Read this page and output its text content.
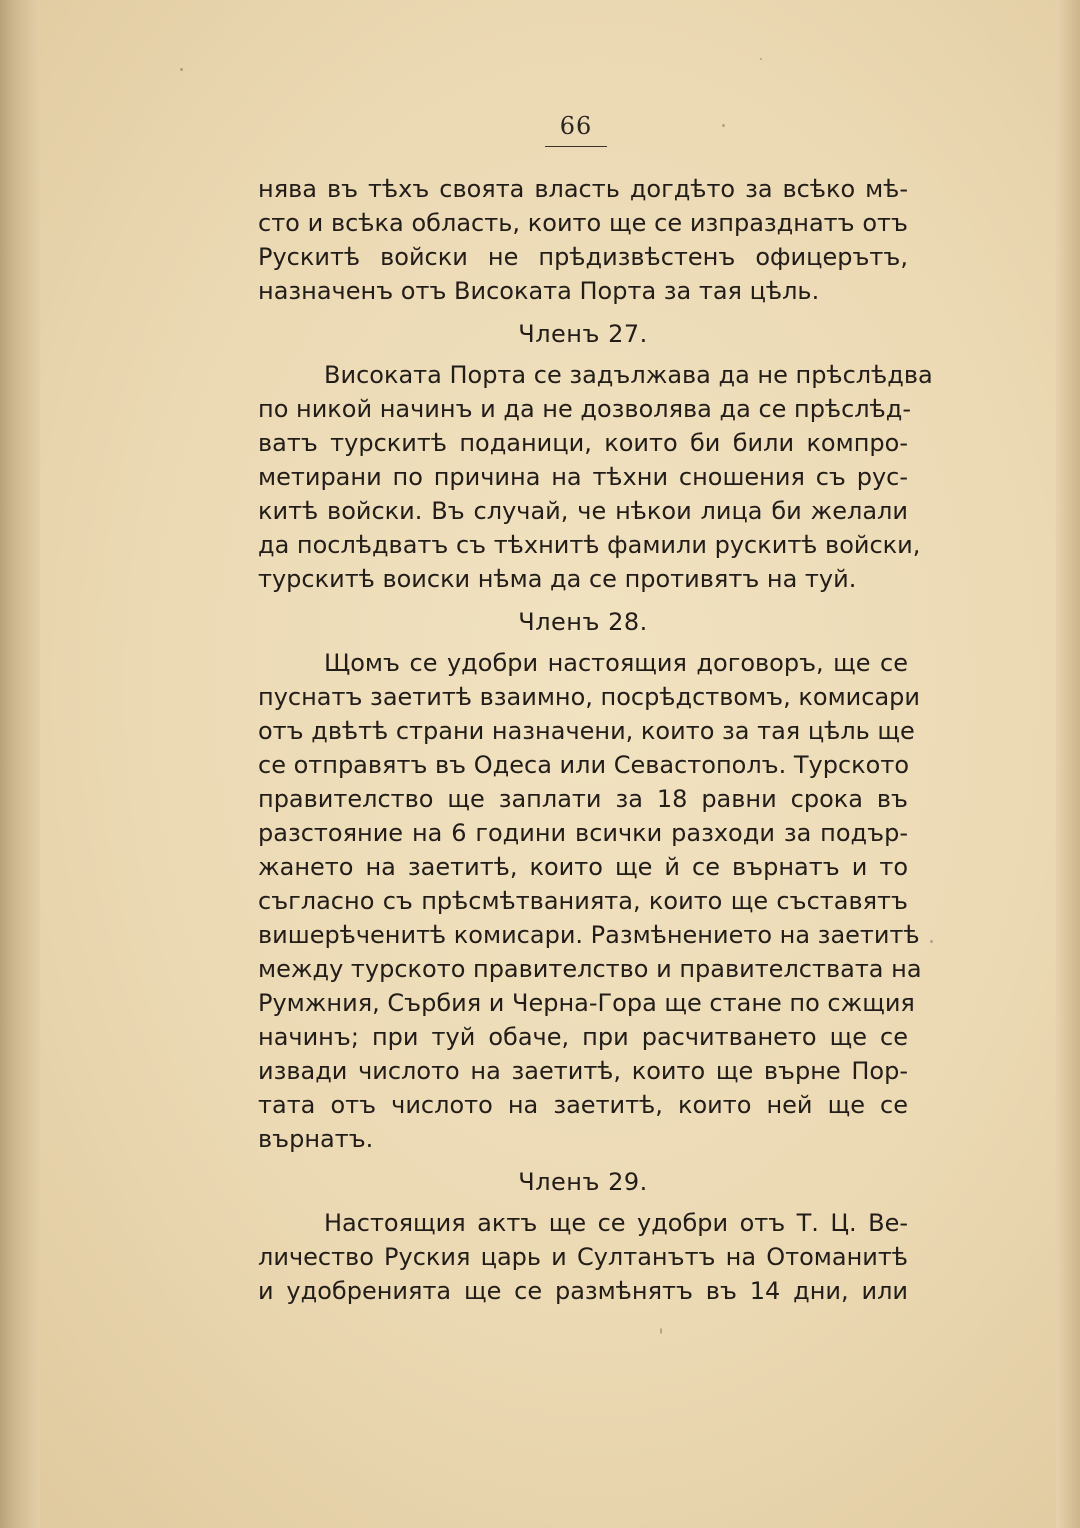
66
нява въ тѣхъ своята власть догдѣто за всѣко мѣ-
сто и всѣка область, които ще се изпразднатъ отъ
Рускитѣ войски не прѣдизвѣстенъ офицерътъ,
назначенъ отъ Високата Порта за тая цѣль.
Членъ 27.
Високата Порта се задължава да не прѣслѣдва
по никой начинъ и да не дозволява да се прѣслѣд-
ватъ турскитѣ поданици, които би били компро-
метирани по причина на тѣхни сношения съ рус-
китѣ войски. Въ случай, че нѣкои лица би желали
да послѣдватъ съ тѣхнитѣ фамили рускитѣ войски,
турскитѣ воиски нѣма да се противятъ на туй.
Членъ 28.
Щомъ се удобри настоящия договоръ, ще се
пуснатъ заетитѣ взаимно, посрѣдствомъ, комисари
отъ двѣтѣ страни назначени, които за тая цѣль ще
се отправятъ въ Одеса или Севастополъ. Турското
правителство ще заплати за 18 равни срока въ
разстояние на 6 години всички разходи за подър-
жането на заетитѣ, които ще й се върнатъ и то
съгласно съ прѣсмѣтванията, които ще съставятъ
вишерѣченитѣ комисари. Размѣнението на заетитѣ
между турското правителство и правителствата на
Румжния, Сърбия и Черна-Гора ще стане по сжщия
начинъ; при туй обаче, при расчитването ще се
извади числото на заетитѣ, които ще върне Пор-
тата отъ числото на заетитѣ, които ней ще се
върнатъ.
Членъ 29.
Настоящия актъ ще се удобри отъ Т. Ц. Ве-
личество Руския царь и Султанътъ на Отоманитѣ
и удобренията ще се размѣнятъ въ 14 дни, или
